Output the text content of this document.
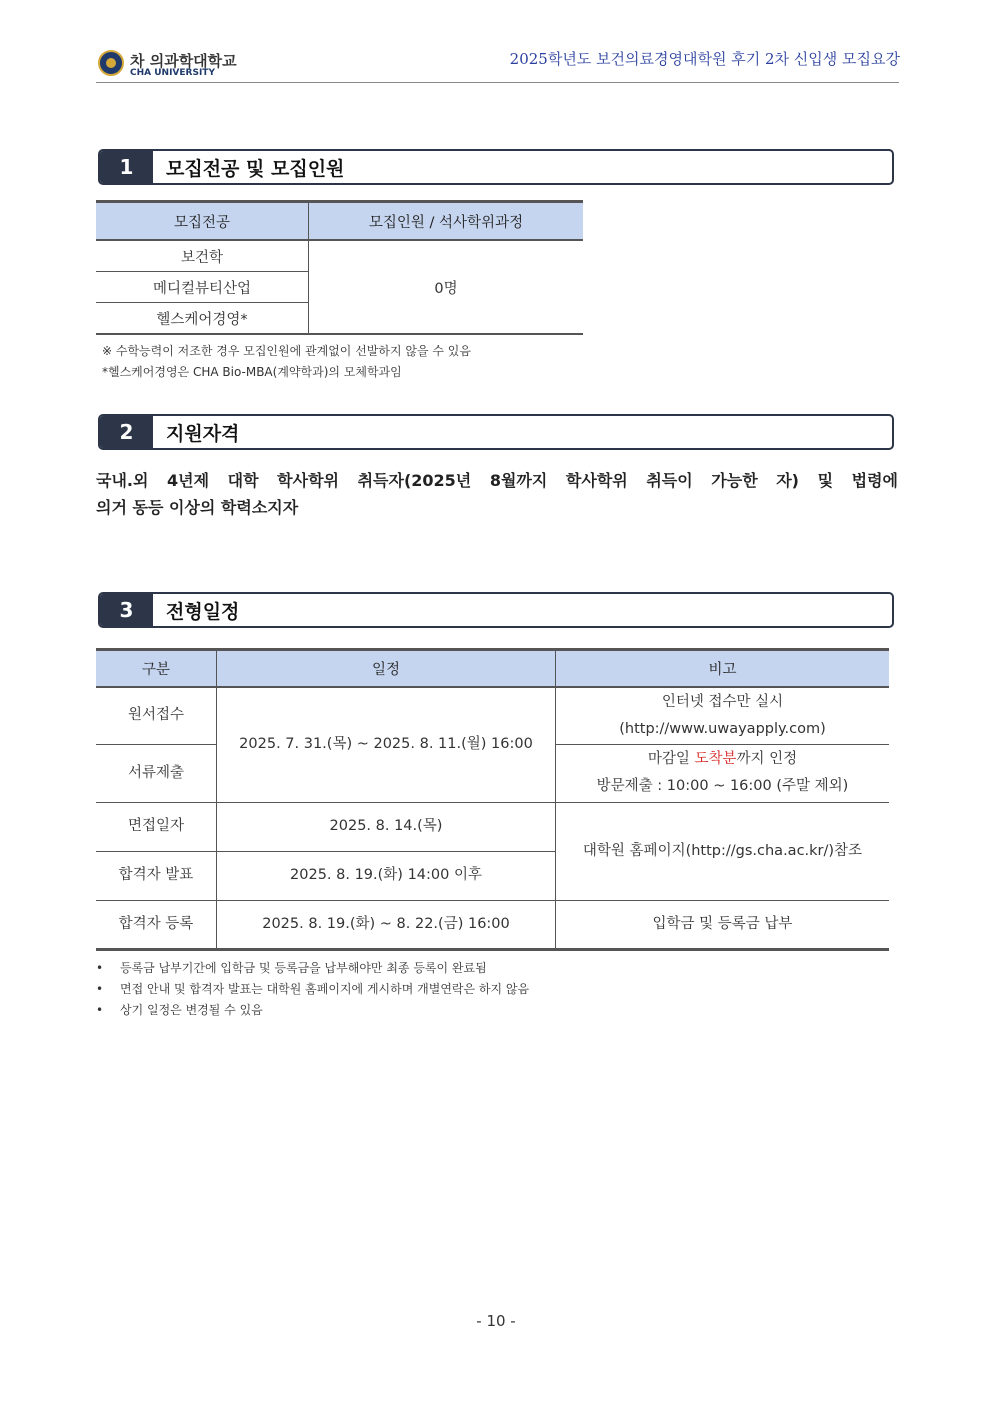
차 의과학대학교
CHA UNIVERSITY
2025학년도 보건의료경영대학원 후기 2차 신입생 모집요강
1	모집전공 및 모집인원
모집전공	모집인원 / 석사학위과정
보건학	0명
메디컬뷰티산업	
헬스케어경영*	
※ 수학능력이 저조한 경우 모집인원에 관계없이 선발하지 않을 수 있음
*헬스케어경영은 CHA Bio-MBA(계약학과)의 모체학과임
2	지원자격
국내.외 4년제 대학 학사학위 취득자(2025년 8월까지 학사학위 취득이 가능한 자) 및 법령에
의거 동등 이상의 학력소지자
3	전형일정
구분	일정	비고
원서접수	2025. 7. 31.(목) ~ 2025. 8. 11.(월) 16:00	인터넷 접수만 실시
(http://www.uwayapply.com)

서류제출		마감일 도착분까지 인정
방문제출 : 10:00 ~ 16:00 (주말 제외)

면접일자	2025. 8. 14.(목)	대학원 홈페이지(http://gs.cha.ac.kr/)참조
합격자 발표	2025. 8. 19.(화) 14:00 이후	
합격자 등록	2025. 8. 19.(화) ~ 8. 22.(금) 16:00	입학금 및 등록금 납부
• 등록금 납부기간에 입학금 및 등록금을 납부해야만 최종 등록이 완료됨
• 면접 안내 및 합격자 발표는 대학원 홈페이지에 게시하며 개별연락은 하지 않음
• 상기 일정은 변경될 수 있음
- 10 -
